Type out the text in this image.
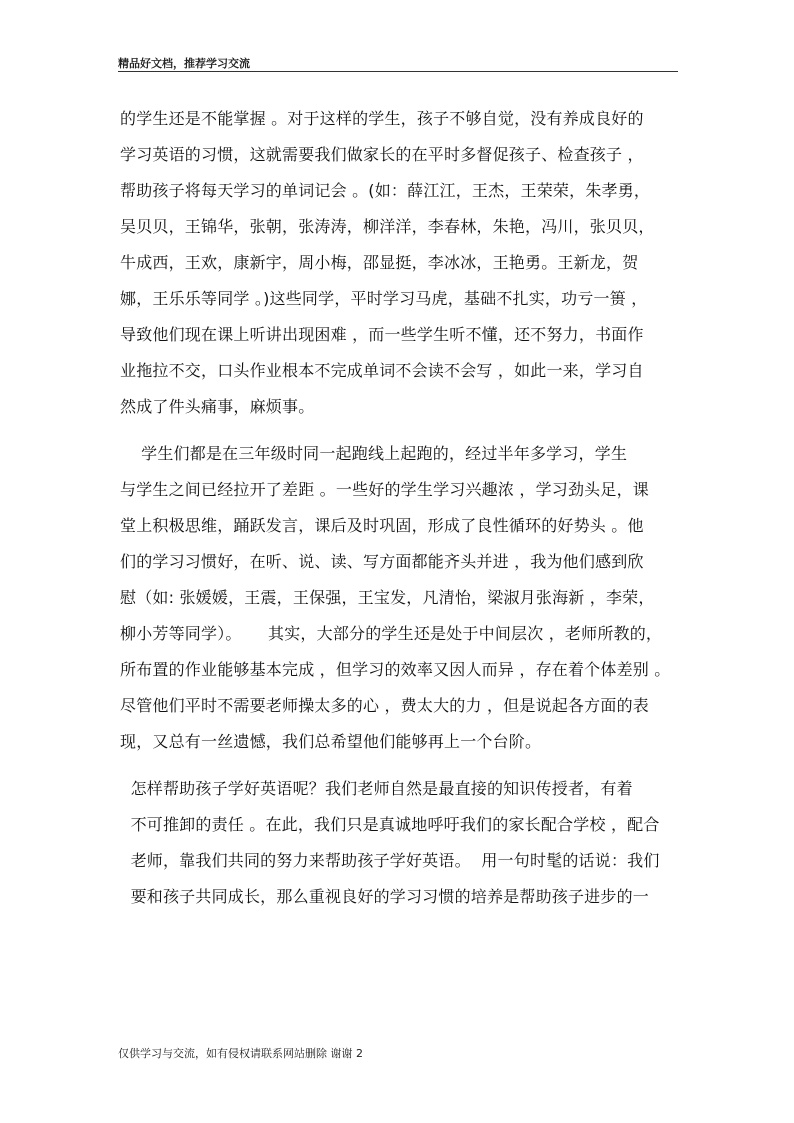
精品好文档，推荐学习交流
的学生还是不能掌握 。对于这样的学生，孩子不够自觉，没有养成良好的
学习英语的习惯，这就需要我们做家长的在平时多督促孩子、检查孩子 ，
帮助孩子将每天学习的单词记会 。(如：薛江江，王杰，王荣荣，朱孝勇，
吴贝贝，王锦华，张朝，张涛涛，柳洋洋，李春林，朱艳，冯川，张贝贝，
牛成西，王欢，康新宇，周小梅，邵显挺，李冰冰，王艳勇。王新龙，贺
娜，王乐乐等同学 。)这些同学，平时学习马虎，基础不扎实，功亏一篑 ，
导致他们现在课上听讲出现困难 ，而一些学生听不懂，还不努力，书面作
业拖拉不交，口头作业根本不完成单词不会读不会写 ，如此一来，学习自
然成了件头痛事，麻烦事。
学生们都是在三年级时同一起跑线上起跑的，经过半年多学习，学生
与学生之间已经拉开了差距 。一些好的学生学习兴趣浓 ，学习劲头足，课
堂上积极思维，踊跃发言，课后及时巩固，形成了良性循环的好势头 。他
们的学习习惯好，在听、说、读、写方面都能齐头并进 ，我为他们感到欣
慰（如: 张媛媛，王震，王保强，王宝发，凡清怡，梁淑月张海新 ，李荣，
柳小芳等同学）。     其实，大部分的学生还是处于中间层次 ，老师所教的，
所布置的作业能够基本完成 ，但学习的效率又因人而异 ，存在着个体差别 。
尽管他们平时不需要老师操太多的心 ，费太大的力 ，但是说起各方面的表
现，又总有一丝遗憾，我们总希望他们能够再上一个台阶。
怎样帮助孩子学好英语呢？我们老师自然是最直接的知识传授者，有着
不可推卸的责任 。在此，我们只是真诚地呼吁我们的家长配合学校 ，配合
老师，靠我们共同的努力来帮助孩子学好英语。  用一句时髦的话说：我们
要和孩子共同成长，那么重视良好的学习习惯的培养是帮助孩子进步的一
仅供学习与交流，如有侵权请联系网站删除 谢谢 2
